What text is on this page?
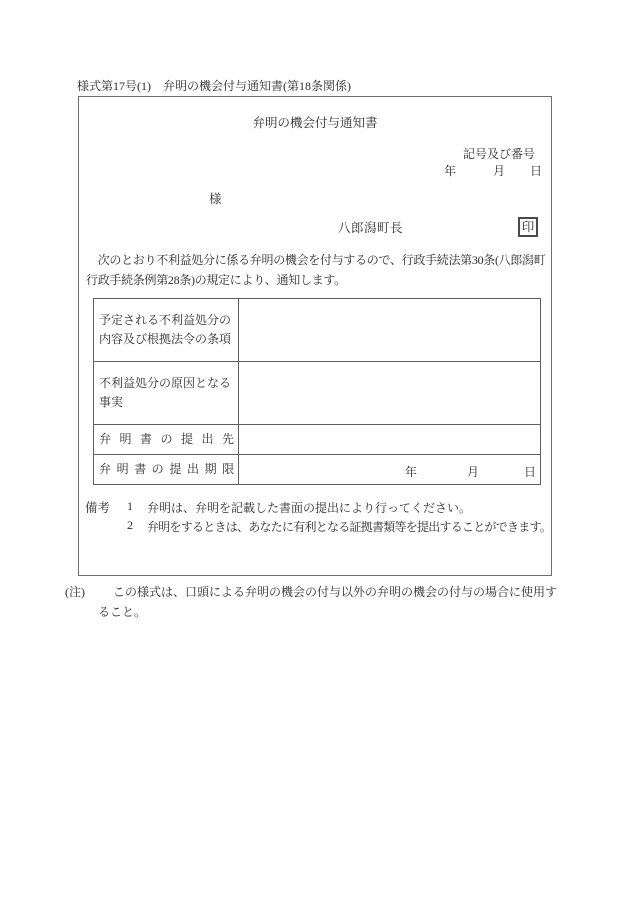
様式第17号(1)　弁明の機会付与通知書(第18条関係)
弁明の機会付与通知書
記号及び番号
年	月 日
様
八郎潟町長	印
　次のとおり不利益処分に係る弁明の機会を付与するので、行政手続法第30条(八郎潟町
行政手続条例第28条)の規定により、通知します。
予定される不利益処分の
内容及び根拠法令の条項
不利益処分の原因となる
事実
弁明書の提出先
弁明書の提出期限	年	月	日
備考 1 弁明は、弁明を記載した書面の提出により行ってください。
2 弁明をするときは、あなたに有利となる証拠書類等を提出することができます。
(注) この様式は、口頭による弁明の機会の付与以外の弁明の機会の付与の場合に使用す
ること。
